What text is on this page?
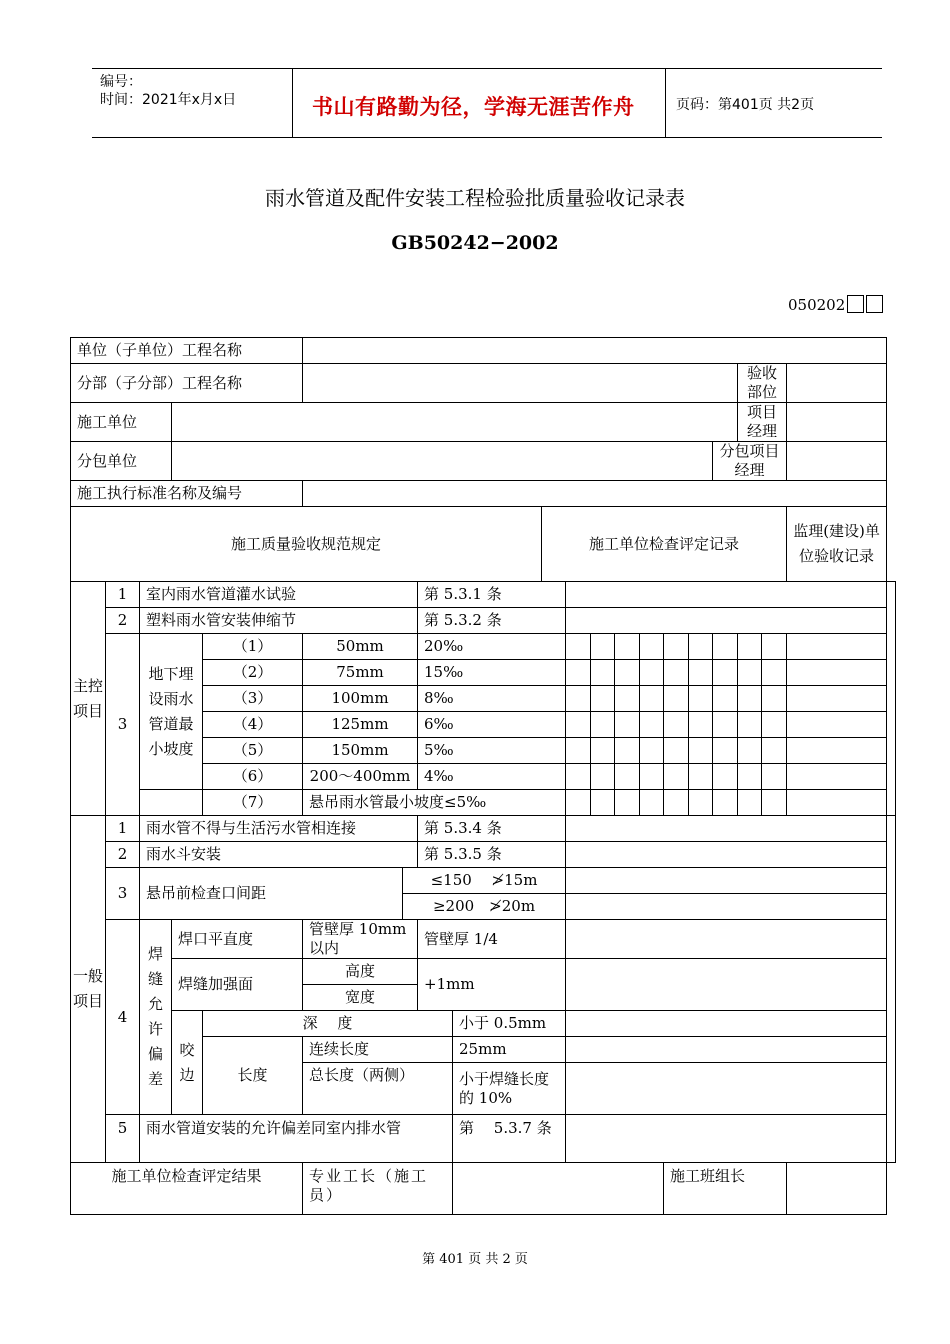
编号：
时间：2021年x月x日	书山有路勤为径，学海无涯苦作舟	页码：第401页 共2页
雨水管道及配件安装工程检验批质量验收记录表
GB50242−2002
050202
单位（子单位）工程名称																				
分部（子分部）工程名称																	验收部位			
施工单位																	项目经理			
分包单位																分包项目经理				
施工执行标准名称及编号																				
施工质量验收规范规定									施工单位检查评定记录										监理(建设)单位验收记录	
主控项目	1	室内雨水管道灌水试验					第 5.3.1 条													
	2	塑料雨水管安装伸缩节					第 5.3.2 条													
	3	地下埋设雨水管道最小坡度		（1）	50mm		20‰													
				（2）	75mm		15‰													
				（3）	100mm		8‰													
				（4）	125mm		6‰													
				（5）	150mm		5‰													
				（6）	200～400mm		4‰													
				（7）	悬吊雨水管最小坡度≤5‰															
一般项目	1	雨水管不得与生活污水管相连接					第 5.3.4 条													
	2	雨水斗安装					第 5.3.5 条													
	3	悬吊前检查口间距				≤150　 ≯15m														
						≥200　≯20m														
	4	焊缝允许偏差	焊口平直度		管壁厚 10mm 以内		管壁厚 1/4													
			焊缝加强面		高度		+1mm													
					宽度															
			咬边	深　 度				小于 0.5mm												
				长度	连续长度			25mm												
					总长度（两侧）			小于焊缝长度的 10%												

	5	雨水管道安装的允许偏差同室内排水管						第　 5.3.7 条												
施工单位检查评定结果					专业工长（施工员）									施工班组长						
第 401 页 共 2 页
